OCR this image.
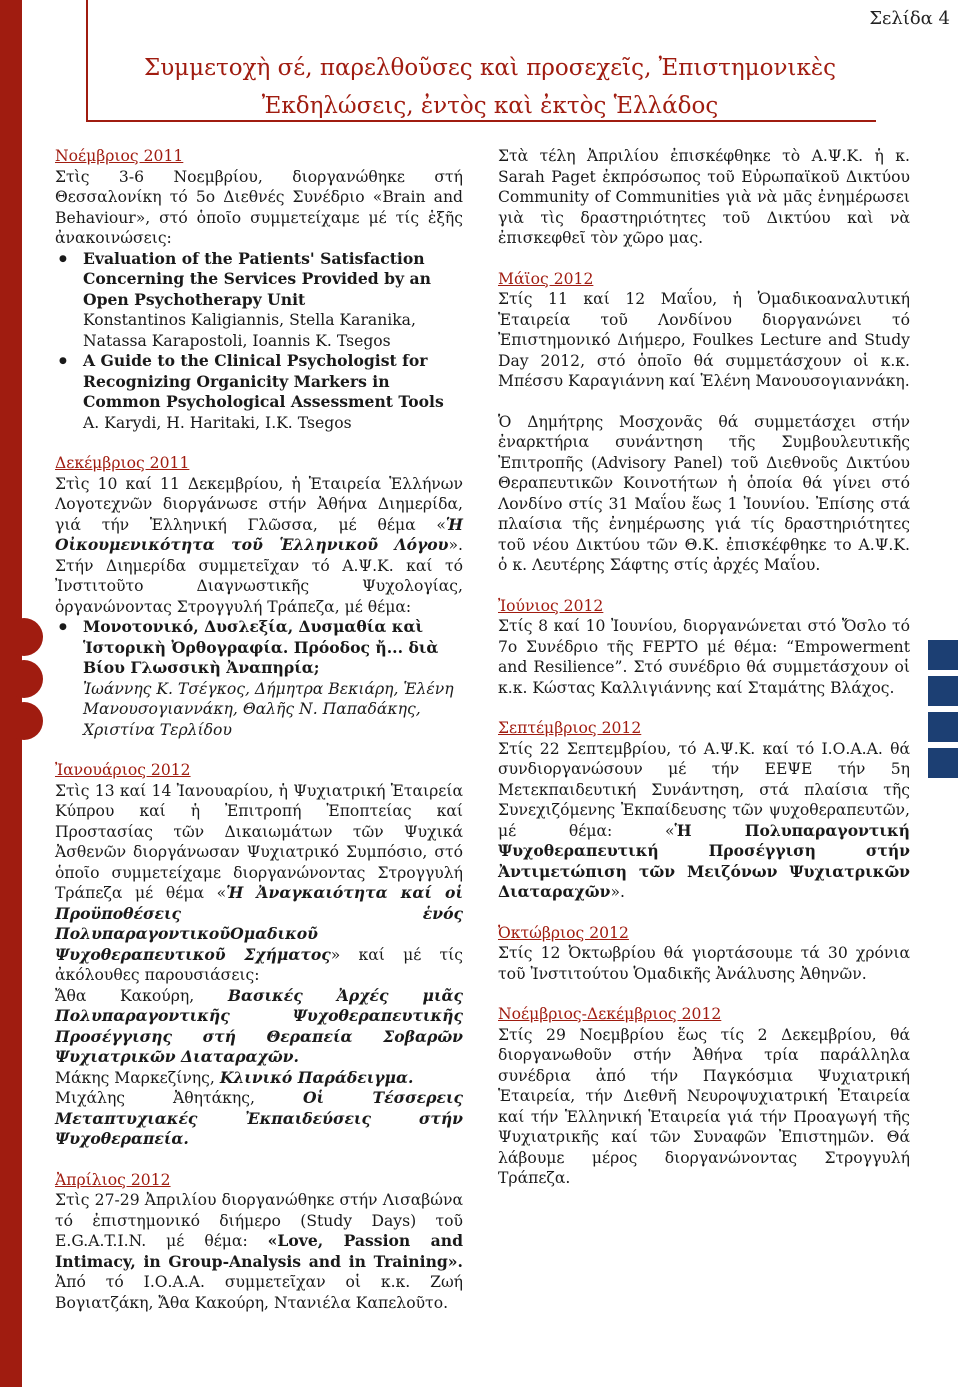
Σελίδα 4
Συμμετοχὴ σέ, παρελθοῦσες καὶ προσεχεῖς, Ἐπιστημονικὲς
Ἐκδηλώσεις, ἐντὸς καὶ ἐκτὸς Ἑλλάδος

Νοέμβριος 2011

Στὶς 3-6 Νοεμβρίου, διοργανώθηκε στή Θεσσαλονίκη τό 5ο Διεθνές Συνέδριο «Brain and Behaviour», στό ὁποῖο συμμετείχαμε μέ τίς ἑξῆς ἀνακοινώσεις:

● Evaluation of the Patients' Satisfaction Concerning the Services Provided by an Open Psychotherapy Unit
Konstantinos Kaligiannis, Stella Karanika, Natassa Karapostoli, Ioannis K. Tsegos
● A Guide to the Clinical Psychologist for Recognizing Organicity Markers in Common Psychological Assessment Tools
A. Karydi, H. Haritaki, I.K. Tsegos

Δεκέμβριος 2011

Στὶς 10 καί 11 Δεκεμβρίου, ἡ Ἑταιρεία Ἑλλήνων Λογοτεχνῶν διοργάνωσε στήν Ἀθήνα Διημερίδα, γιά τήν Ἑλληνική Γλῶσσα, μέ θέμα «Ἡ Οἰκουμενικότητα τοῦ Ἑλληνικοῦ Λόγου». Στήν Διημερίδα συμμετεῖχαν τό Α.Ψ.Κ. καί τό Ἰνστιτοῦτο Διαγνωστικῆς Ψυχολογίας, ὀργανώνοντας Στρογγυλή Τράπεζα, μέ θέμα:

● Μονοτονικό, Δυσλεξία, Δυσμαθία καὶ Ἱστορικὴ Ὀρθογραφία. Πρόοδος ἤ... διὰ Βίου Γλωσσικὴ Ἀναπηρία;
Ἰωάννης Κ. Τσέγκος, Δήμητρα Βεκιάρη, Ἑλένη Μανουσογιαννάκη, Θαλῆς Ν. Παπαδάκης, Χριστίνα Τερλίδου

Ἰανουάριος 2012

Στὶς 13 καί 14 Ἰανουαρίου, ἡ Ψυχιατρική Ἑταιρεία Κύπρου καί ἡ Ἐπιτροπή Ἐποπτείας καί Προστασίας τῶν Δικαιωμάτων τῶν Ψυχικά Ἀσθενῶν διοργάνωσαν Ψυχιατρικό Συμπόσιο, στό ὁποῖο συμμετείχαμε διοργανώνοντας Στρογγυλή Τράπεζα μέ θέμα «Ἡ Ἀναγκαιότητα καί οἱ Προϋποθέσεις ἑνός ΠολυπαραγοντικοῦΟμαδικοῦ Ψυχοθεραπευτικοῦ Σχήματος» καί μέ τίς ἀκόλουθες παρουσιάσεις:

Ἄθα Κακούρη, Βασικές Ἀρχές μιᾶς Πολυπαραγοντικῆς Ψυχοθεραπευτικῆς Προσέγγισης στή Θεραπεία Σοβαρῶν Ψυχιατρικῶν Διαταραχῶν.

Μάκης Μαρκεζίνης, Κλινικό Παράδειγμα.

Μιχάλης Ἀθητάκης, Οἱ Τέσσερεις Μεταπτυχιακές Ἐκπαιδεύσεις στήν Ψυχοθεραπεία.

Ἀπρίλιος 2012

Στὶς 27-29 Ἀπριλίου διοργανώθηκε στήν Λισαβώνα τό ἐπιστημονικό διήμερο (Study Days) τοῦ E.G.A.T.I.N. μέ θέμα: «Love, Passion and Intimacy, in Group-Analysis and in Training». Ἀπό τό Ι.Ο.Α.Α. συμμετεῖχαν οἱ κ.κ. Ζωή Βογιατζάκη, Ἄθα Κακούρη, Ντανιέλα Καπελοῦτο.

Στὰ τέλη Ἀπριλίου ἐπισκέφθηκε τὸ Α.Ψ.Κ. ἡ κ. Sarah Paget ἐκπρόσωπος τοῦ Εὐρωπαϊκοῦ Δικτύου Community of Communities γιὰ νὰ μᾶς ἐνημέρωσει γιὰ τὶς δραστηριότητες τοῦ Δικτύου καὶ νὰ ἐπισκεφθεῖ τὸν χῶρο μας.

Μάϊος 2012

Στίς 11 καί 12 Μαΐου, ἡ Ὁμαδικοαναλυτική Ἑταιρεία τοῦ Λονδίνου διοργανώνει τό Ἐπιστημονικό Διήμερο, Foulkes Lecture and Study Day 2012, στό ὁποῖο θά συμμετάσχουν οἱ κ.κ. Μπέσσυ Καραγιάννη καί Ἑλένη Μανουσογιαννάκη.

Ὁ Δημήτρης Μοσχονᾶς θά συμμετάσχει στήν ἐναρκτήρια συνάντηση τῆς Συμβουλευτικῆς Ἐπιτροπῆς (Advisory Panel) τοῦ Διεθνοῦς Δικτύου Θεραπευτικῶν Κοινοτήτων ἡ ὁποία θά γίνει στό Λονδίνο στίς 31 Μαΐου ἕως 1 Ἰουνίου. Ἐπίσης στά πλαίσια τῆς ἐνημέρωσης γιά τίς δραστηριότητες τοῦ νέου Δικτύου τῶν Θ.Κ. ἐπισκέφθηκε το Α.Ψ.Κ. ὁ κ. Λευτέρης Σάφτης στίς ἀρχές Μαΐου.

Ἰούνιος 2012

Στίς 8 καί 10 Ἰουνίου, διοργανώνεται στό Ὄσλο τό 7ο Συνέδριο τῆς FEPTO μέ θέμα: “Empowerment and Resilience”. Στό συνέδριο θά συμμετάσχουν οἱ κ.κ. Κώστας Καλλιγιάννης καί Σταμάτης Βλάχος.

Σεπτέμβριος 2012

Στίς 22 Σεπτεμβρίου, τό Α.Ψ.Κ. καί τό Ι.Ο.Α.Α. θά συνδιοργανώσουν μέ τήν ΕΕΨΕ τήν 5η Μετεκπαιδευτική Συνάντηση, στά πλαίσια τῆς Συνεχιζόμενης Ἐκπαίδευσης τῶν ψυχοθεραπευτῶν, μέ θέμα: «Ἡ Πολυπαραγοντική Ψυχοθεραπευτική Προσέγγιση στήν Ἀντιμετώπιση τῶν Μειζόνων Ψυχιατρικῶν Διαταραχῶν».

Ὀκτώβριος 2012

Στίς 12 Ὀκτωβρίου θά γιορτάσουμε τά 30 χρόνια τοῦ Ἰνστιτούτου Ὁμαδικῆς Ἀνάλυσης Ἀθηνῶν.

Νοέμβριος-Δεκέμβριος 2012

Στίς 29 Νοεμβρίου ἕως τίς 2 Δεκεμβρίου, θά διοργανωθοῦν στήν Ἀθήνα τρία παράλληλα συνέδρια ἀπό τήν Παγκόσμια Ψυχιατρική Ἑταιρεία, τήν Διεθνῆ Νευροψυχιατρική Ἑταιρεία καί τήν Ἑλληνική Ἑταιρεία γιά τήν Προαγωγή τῆς Ψυχιατρικῆς καί τῶν Συναφῶν Ἐπιστημῶν. Θά λάβουμε μέρος διοργανώνοντας Στρογγυλή Τράπεζα.
